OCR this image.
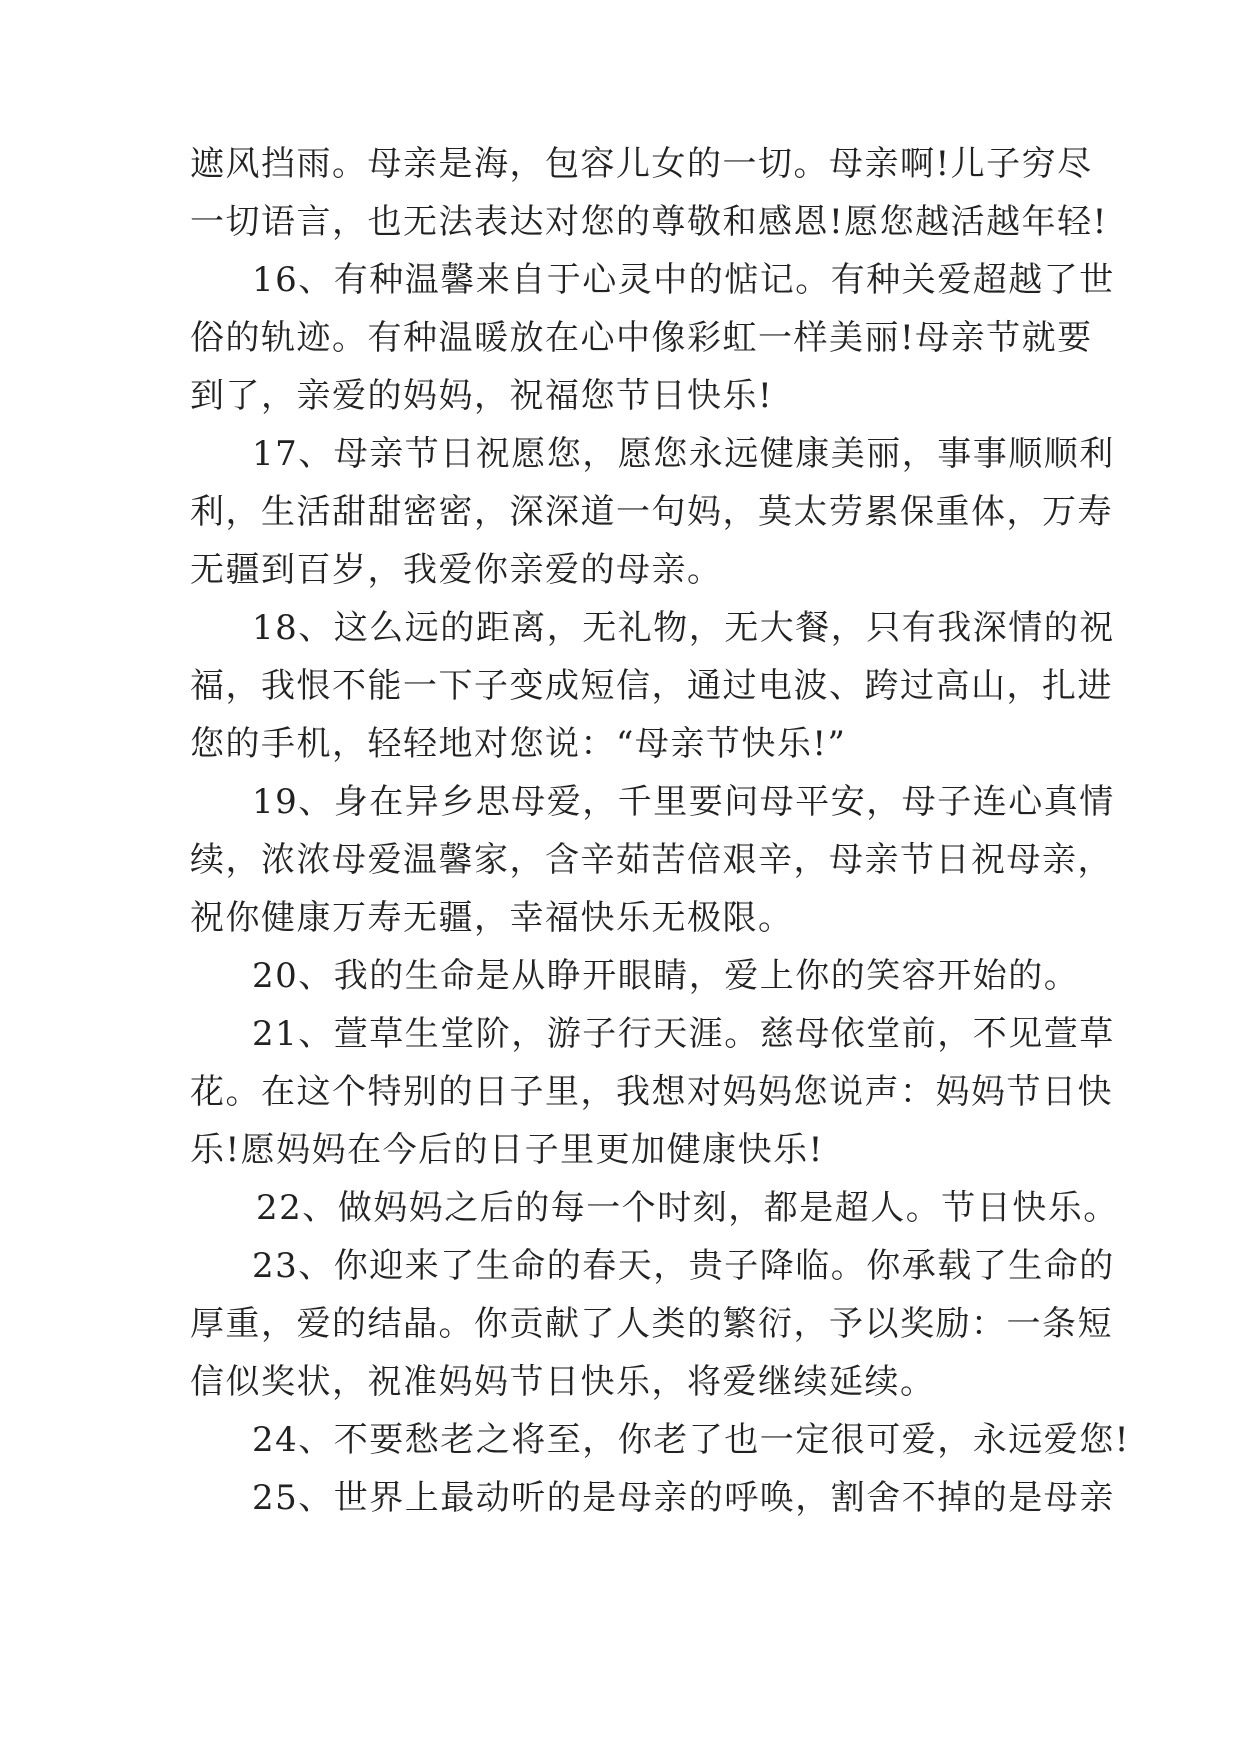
遮风挡雨。母亲是海，包容儿女的一切。母亲啊!儿子穷尽
一切语言，也无法表达对您的尊敬和感恩!愿您越活越年轻!
16、有种温馨来自于心灵中的惦记。有种关爱超越了世
俗的轨迹。有种温暖放在心中像彩虹一样美丽!母亲节就要
到了，亲爱的妈妈，祝福您节日快乐!
17、母亲节日祝愿您，愿您永远健康美丽，事事顺顺利
利，生活甜甜密密，深深道一句妈，莫太劳累保重体，万寿
无疆到百岁，我爱你亲爱的母亲。
18、这么远的距离，无礼物，无大餐，只有我深情的祝
福，我恨不能一下子变成短信，通过电波、跨过高山，扎进
您的手机，轻轻地对您说：“母亲节快乐!”
19、身在异乡思母爱，千里要问母平安，母子连心真情
续，浓浓母爱温馨家，含辛茹苦倍艰辛，母亲节日祝母亲，
祝你健康万寿无疆，幸福快乐无极限。
20、我的生命是从睁开眼睛，爱上你的笑容开始的。
21、萱草生堂阶，游子行天涯。慈母依堂前，不见萱草
花。在这个特别的日子里，我想对妈妈您说声：妈妈节日快
乐!愿妈妈在今后的日子里更加健康快乐!
22、做妈妈之后的每一个时刻，都是超人。节日快乐。
23、你迎来了生命的春天，贵子降临。你承载了生命的
厚重，爱的结晶。你贡献了人类的繁衍，予以奖励：一条短
信似奖状，祝准妈妈节日快乐，将爱继续延续。
24、不要愁老之将至，你老了也一定很可爱，永远爱您!
25、世界上最动听的是母亲的呼唤，割舍不掉的是母亲
